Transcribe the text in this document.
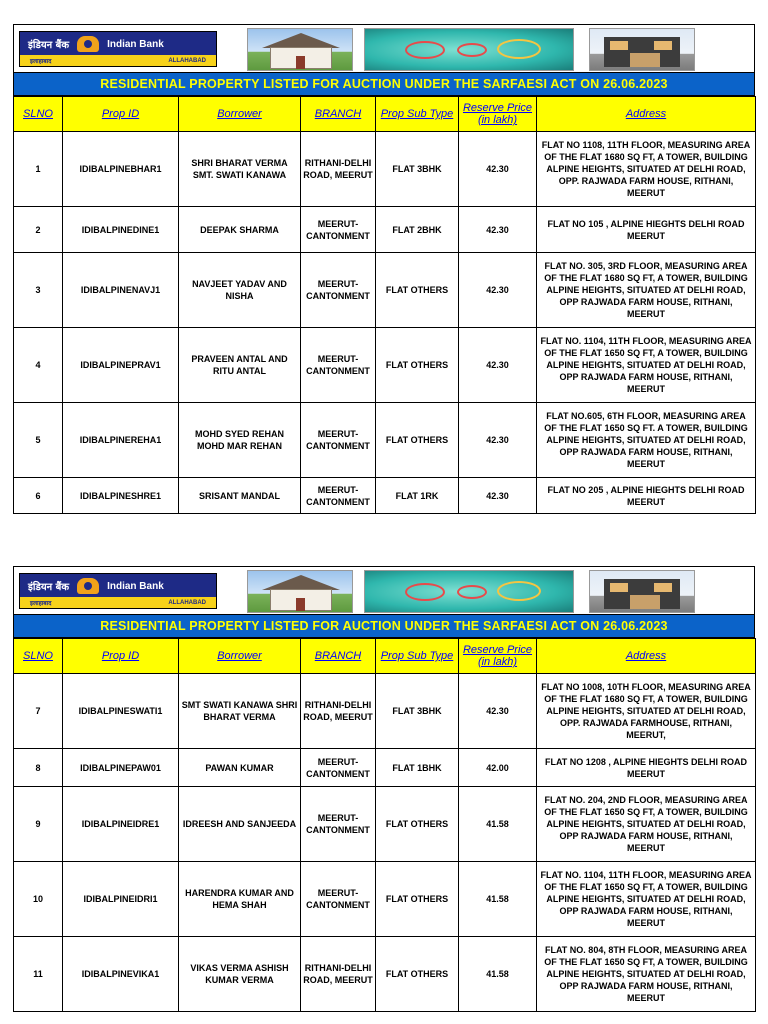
इंडियन बैंक	Indian Bank
इलाहाबाद	ALLAHABAD
RESIDENTIAL PROPERTY LISTED FOR AUCTION UNDER THE SARFAESI ACT ON 26.06.2023
SLNO	Prop ID	Borrower	BRANCH	Prop Sub Type	Reserve Price (in lakh)	Address
1	IDIBALPINEBHAR1	SHRI BHARAT VERMA SMT. SWATI KANAWA	RITHANI-DELHI ROAD, MEERUT	FLAT 3BHK	42.30	FLAT NO 1108, 11TH FLOOR, MEASURING AREA OF THE FLAT 1680 SQ FT, A TOWER, BUILDING ALPINE HEIGHTS, SITUATED AT DELHI ROAD, OPP. RAJWADA FARM HOUSE, RITHANI, MEERUT
2	IDIBALPINEDINE1	DEEPAK SHARMA	MEERUT-CANTONMENT	FLAT 2BHK	42.30	FLAT NO 105 , ALPINE HIEGHTS DELHI ROAD MEERUT
3	IDIBALPINENAVJ1	NAVJEET YADAV AND NISHA	MEERUT-CANTONMENT	FLAT OTHERS	42.30	FLAT NO. 305, 3RD FLOOR, MEASURING AREA OF THE FLAT 1680 SQ FT, A TOWER, BUILDING ALPINE HEIGHTS, SITUATED AT DELHI ROAD, OPP RAJWADA FARM HOUSE, RITHANI, MEERUT
4	IDIBALPINEPRAV1	PRAVEEN ANTAL AND RITU ANTAL	MEERUT-CANTONMENT	FLAT OTHERS	42.30	FLAT NO. 1104, 11TH FLOOR, MEASURING AREA OF THE FLAT 1650 SQ FT, A TOWER, BUILDING ALPINE HEIGHTS, SITUATED AT DELHI ROAD, OPP RAJWADA FARM HOUSE, RITHANI, MEERUT
5	IDIBALPINEREHA1	MOHD SYED REHAN MOHD MAR REHAN	MEERUT-CANTONMENT	FLAT OTHERS	42.30	FLAT NO.605, 6TH FLOOR, MEASURING AREA OF THE FLAT 1650 SQ FT. A TOWER, BUILDING ALPINE HEIGHTS, SITUATED AT DELHI ROAD, OPP RAJWADA FARM HOUSE, RITHANI, MEERUT
6	IDIBALPINESHRE1	SRISANT MANDAL	MEERUT-CANTONMENT	FLAT 1RK	42.30	FLAT NO 205 , ALPINE HIEGHTS DELHI ROAD MEERUT
इंडियन बैंक	Indian Bank
इलाहाबाद	ALLAHABAD
RESIDENTIAL PROPERTY LISTED FOR AUCTION UNDER THE SARFAESI ACT ON 26.06.2023
SLNO	Prop ID	Borrower	BRANCH	Prop Sub Type	Reserve Price (in lakh)	Address
7	IDIBALPINESWATI1	SMT SWATI KANAWA SHRI BHARAT VERMA	RITHANI-DELHI ROAD, MEERUT	FLAT 3BHK	42.30	FLAT NO 1008, 10TH FLOOR, MEASURING AREA OF THE FLAT 1680 SQ FT, A TOWER, BUILDING ALPINE HEIGHTS, SITUATED AT DELHI ROAD, OPP. RAJWADA FARMHOUSE, RITHANI, MEERUT,
8	IDIBALPINEPAW01	PAWAN KUMAR	MEERUT-CANTONMENT	FLAT 1BHK	42.00	FLAT NO 1208 , ALPINE HIEGHTS DELHI ROAD MEERUT
9	IDIBALPINEIDRE1	IDREESH AND SANJEEDA	MEERUT-CANTONMENT	FLAT OTHERS	41.58	FLAT NO. 204, 2ND FLOOR, MEASURING AREA OF THE FLAT 1650 SQ FT, A TOWER, BUILDING ALPINE HEIGHTS, SITUATED AT DELHI ROAD, OPP RAJWADA FARM HOUSE, RITHANI, MEERUT
10	IDIBALPINEIDRI1	HARENDRA KUMAR AND HEMA SHAH	MEERUT-CANTONMENT	FLAT OTHERS	41.58	FLAT NO. 1104, 11TH FLOOR, MEASURING AREA OF THE FLAT 1650 SQ FT, A TOWER, BUILDING ALPINE HEIGHTS, SITUATED AT DELHI ROAD, OPP RAJWADA FARM HOUSE, RITHANI, MEERUT
11	IDIBALPINEVIKA1	VIKAS VERMA ASHISH KUMAR VERMA	RITHANI-DELHI ROAD, MEERUT	FLAT OTHERS	41.58	FLAT NO. 804, 8TH FLOOR, MEASURING AREA OF THE FLAT 1650 SQ FT, A TOWER, BUILDING ALPINE HEIGHTS, SITUATED AT DELHI ROAD, OPP RAJWADA FARM HOUSE, RITHANI, MEERUT
